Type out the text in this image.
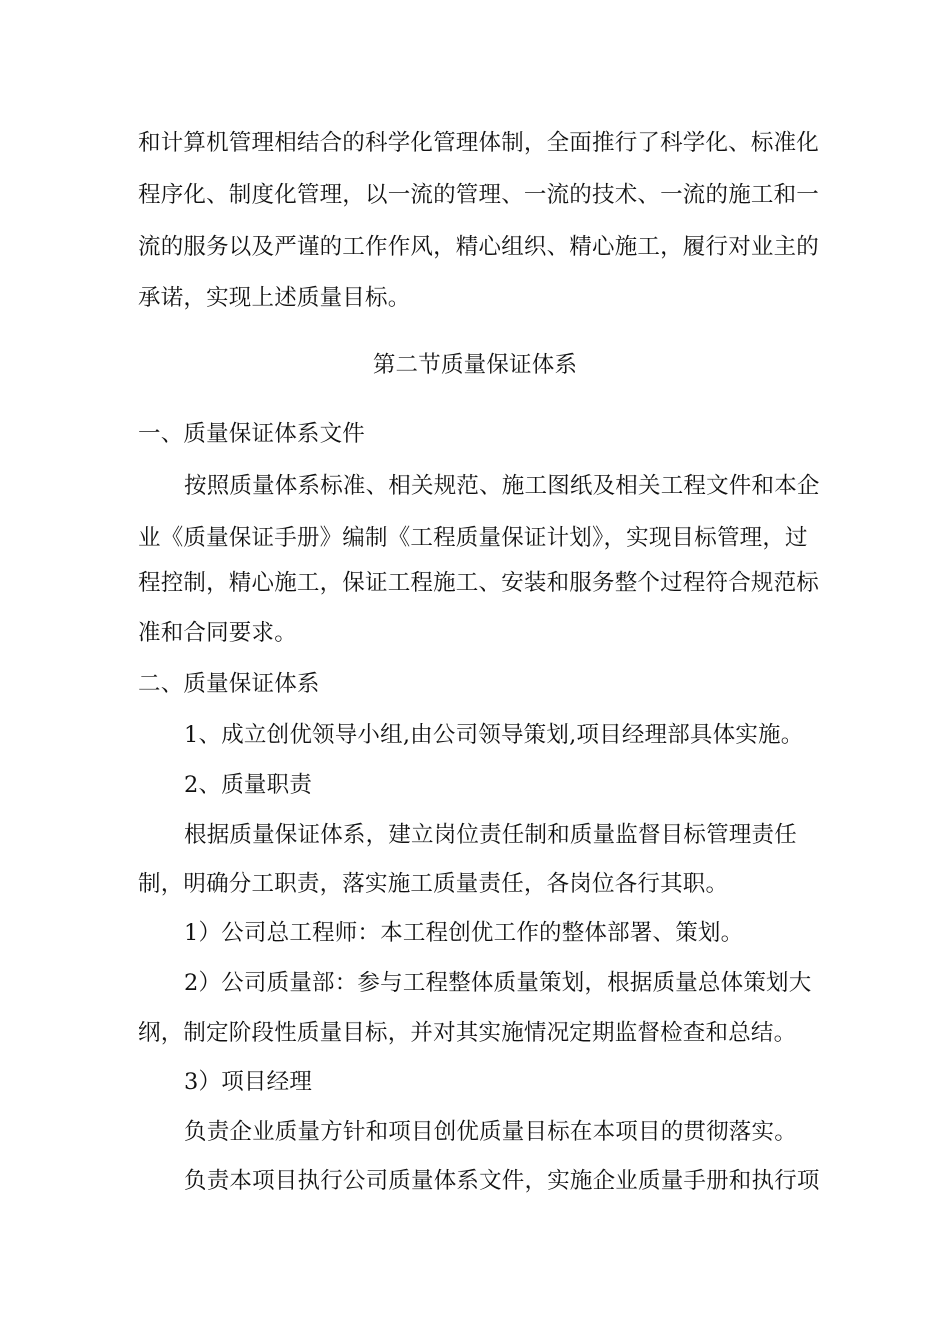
和计算机管理相结合的科学化管理体制，全面推行了科学化、标准化
程序化、制度化管理，以一流的管理、一流的技术、一流的施工和一
流的服务以及严谨的工作作风，精心组织、精心施工，履行对业主的
承诺，实现上述质量目标。
第二节质量保证体系
一、质量保证体系文件
按照质量体系标准、相关规范、施工图纸及相关工程文件和本企
业《质量保证手册》编制《工程质量保证计划》，实现目标管理，过
程控制，精心施工，保证工程施工、安装和服务整个过程符合规范标
准和合同要求。
二、质量保证体系
1、成立创优领导小组,由公司领导策划,项目经理部具体实施。
2、质量职责
根据质量保证体系，建立岗位责任制和质量监督目标管理责任
制，明确分工职责，落实施工质量责任，各岗位各行其职。
1）公司总工程师：本工程创优工作的整体部署、策划。
2）公司质量部：参与工程整体质量策划，根据质量总体策划大
纲，制定阶段性质量目标，并对其实施情况定期监督检查和总结。
3）项目经理
负责企业质量方针和项目创优质量目标在本项目的贯彻落实。
负责本项目执行公司质量体系文件，实施企业质量手册和执行项
